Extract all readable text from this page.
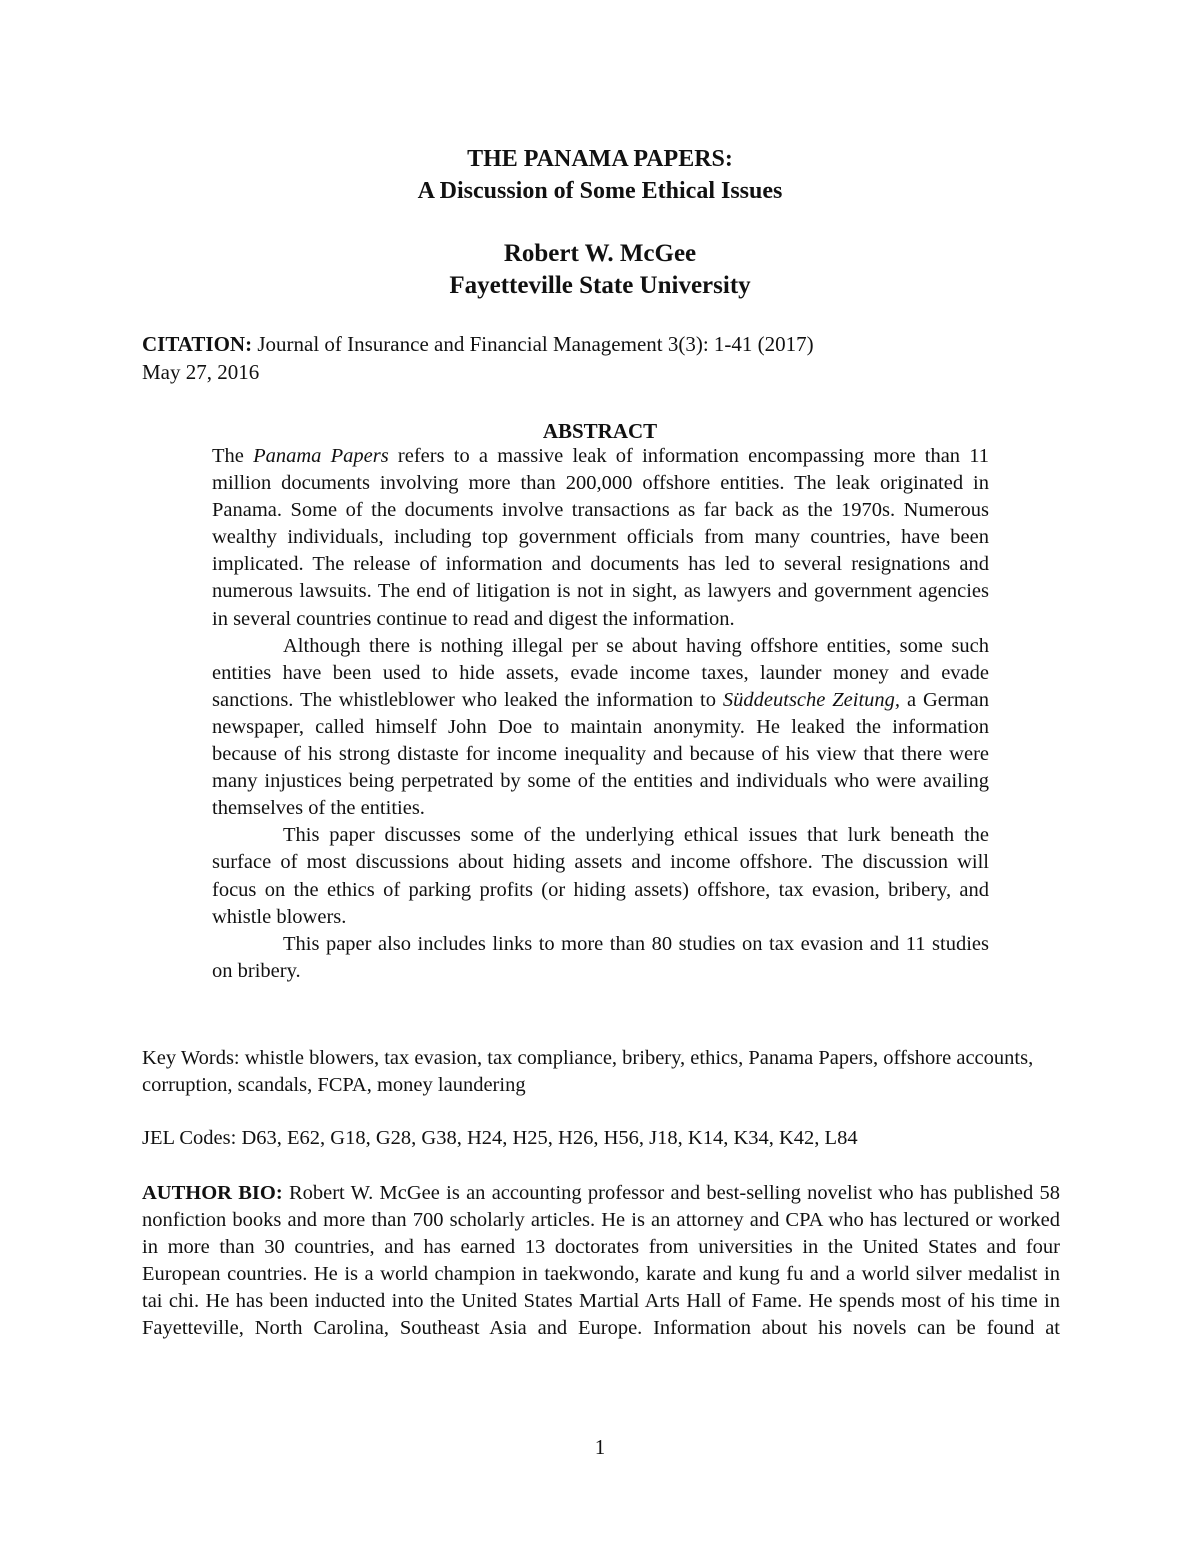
THE PANAMA PAPERS:
A Discussion of Some Ethical Issues
Robert W. McGee
Fayetteville State University
CITATION: Journal of Insurance and Financial Management 3(3): 1-41 (2017)
May 27, 2016
ABSTRACT

The Panama Papers refers to a massive leak of information encompassing more than 11 million documents involving more than 200,000 offshore entities. The leak originated in Panama. Some of the documents involve transactions as far back as the 1970s. Numerous wealthy individuals, including top government officials from many countries, have been implicated. The release of information and documents has led to several resignations and numerous lawsuits. The end of litigation is not in sight, as lawyers and government agencies in several countries continue to read and digest the information.

Although there is nothing illegal per se about having offshore entities, some such entities have been used to hide assets, evade income taxes, launder money and evade sanctions. The whistleblower who leaked the information to Süddeutsche Zeitung, a German newspaper, called himself John Doe to maintain anonymity. He leaked the information because of his strong distaste for income inequality and because of his view that there were many injustices being perpetrated by some of the entities and individuals who were availing themselves of the entities.

This paper discusses some of the underlying ethical issues that lurk beneath the surface of most discussions about hiding assets and income offshore. The discussion will focus on the ethics of parking profits (or hiding assets) offshore, tax evasion, bribery, and whistle blowers.

This paper also includes links to more than 80 studies on tax evasion and 11 studies on bribery.

Key Words: whistle blowers, tax evasion, tax compliance, bribery, ethics, Panama Papers, offshore accounts, corruption, scandals, FCPA, money laundering
JEL Codes: D63, E62, G18, G28, G38, H24, H25, H26, H56, J18, K14, K34, K42, L84
AUTHOR BIO: Robert W. McGee is an accounting professor and best-selling novelist who has published 58 nonfiction books and more than 700 scholarly articles. He is an attorney and CPA who has lectured or worked in more than 30 countries, and has earned 13 doctorates from universities in the United States and four European countries. He is a world champion in taekwondo, karate and kung fu and a world silver medalist in tai chi. He has been inducted into the United States Martial Arts Hall of Fame. He spends most of his time in Fayetteville, North Carolina, Southeast Asia and Europe. Information about his novels can be found at
1
